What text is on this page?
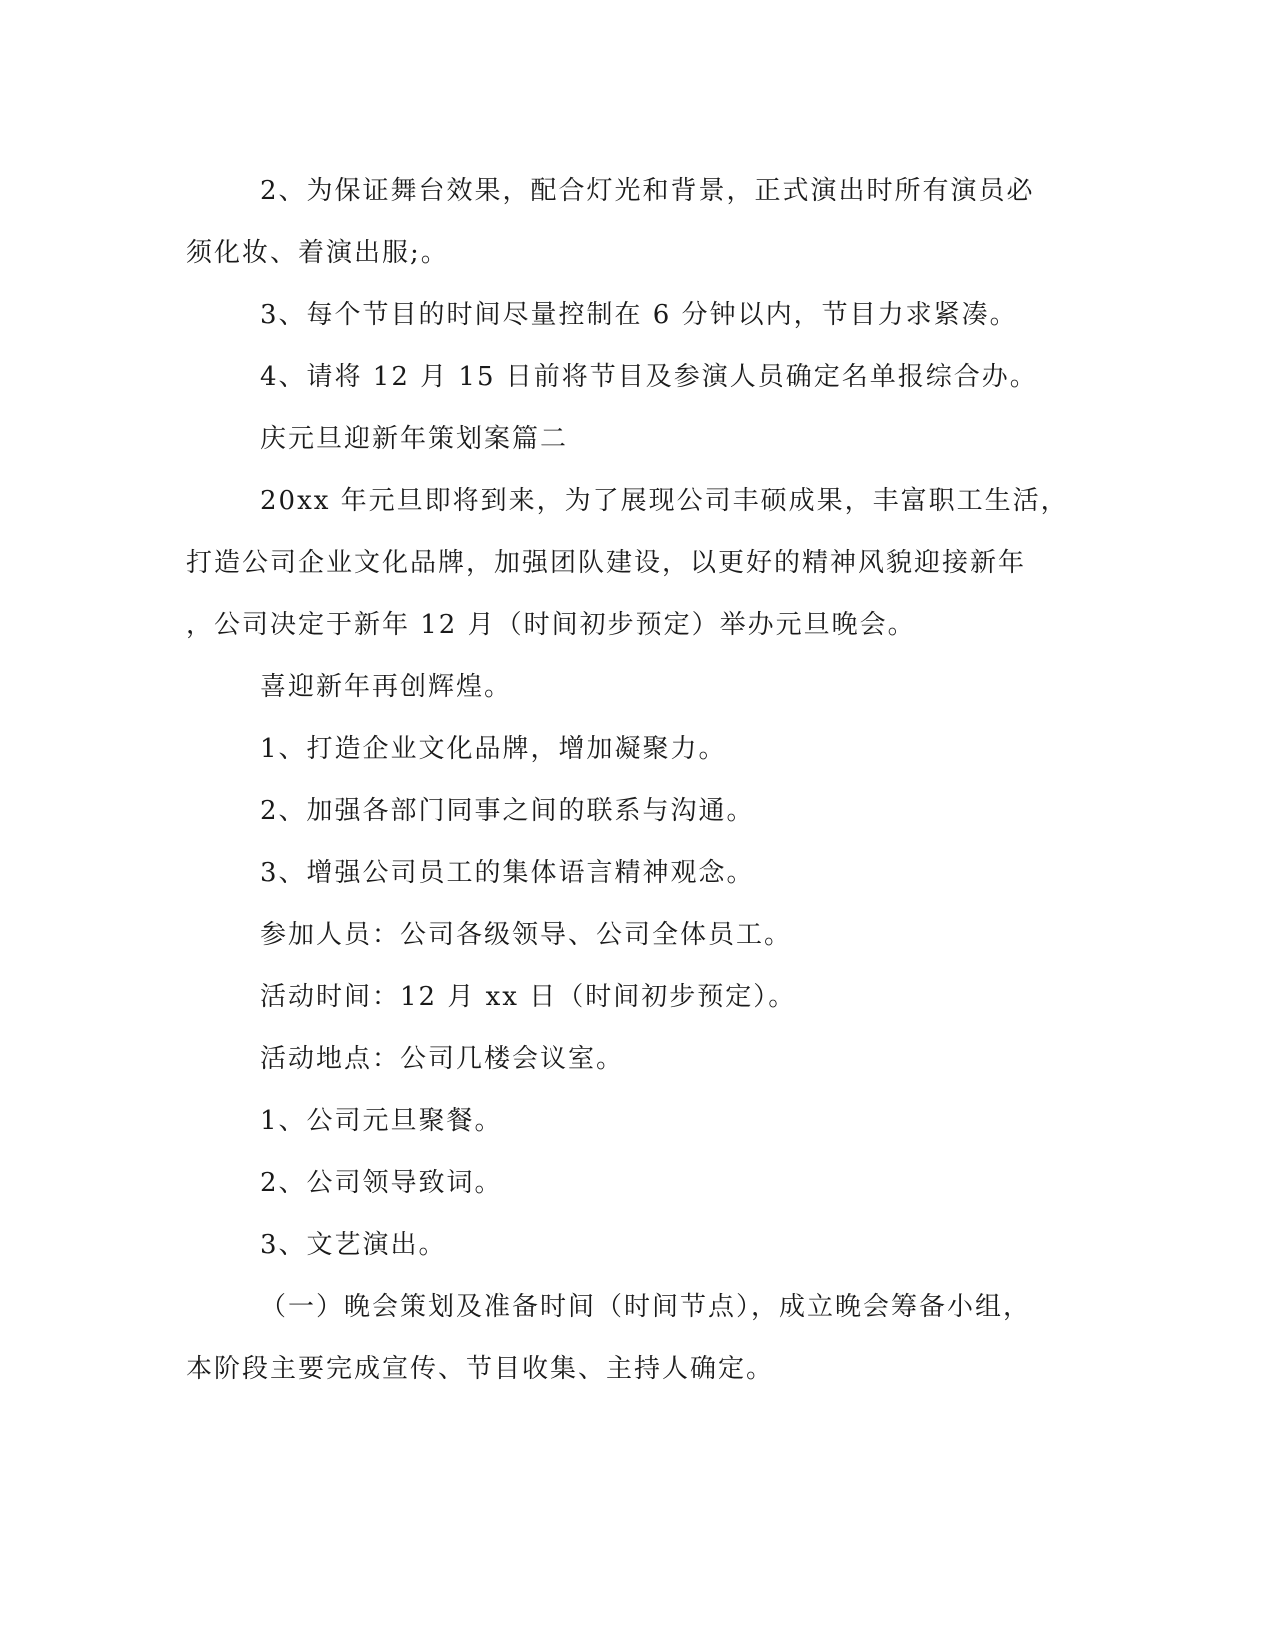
2、为保证舞台效果，配合灯光和背景，正式演出时所有演员必
须化妆、着演出服;。
3、每个节目的时间尽量控制在 6 分钟以内，节目力求紧凑。
4、请将 12 月 15 日前将节目及参演人员确定名单报综合办。
庆元旦迎新年策划案篇二
20xx 年元旦即将到来，为了展现公司丰硕成果，丰富职工生活，
打造公司企业文化品牌，加强团队建设，以更好的精神风貌迎接新年
，公司决定于新年 12 月（时间初步预定）举办元旦晚会。
喜迎新年再创辉煌。
1、打造企业文化品牌，增加凝聚力。
2、加强各部门同事之间的联系与沟通。
3、增强公司员工的集体语言精神观念。
参加人员：公司各级领导、公司全体员工。
活动时间：12 月 xx 日（时间初步预定）。
活动地点：公司几楼会议室。
1、公司元旦聚餐。
2、公司领导致词。
3、文艺演出。
（一）晚会策划及准备时间（时间节点），成立晚会筹备小组，
本阶段主要完成宣传、节目收集、主持人确定。
